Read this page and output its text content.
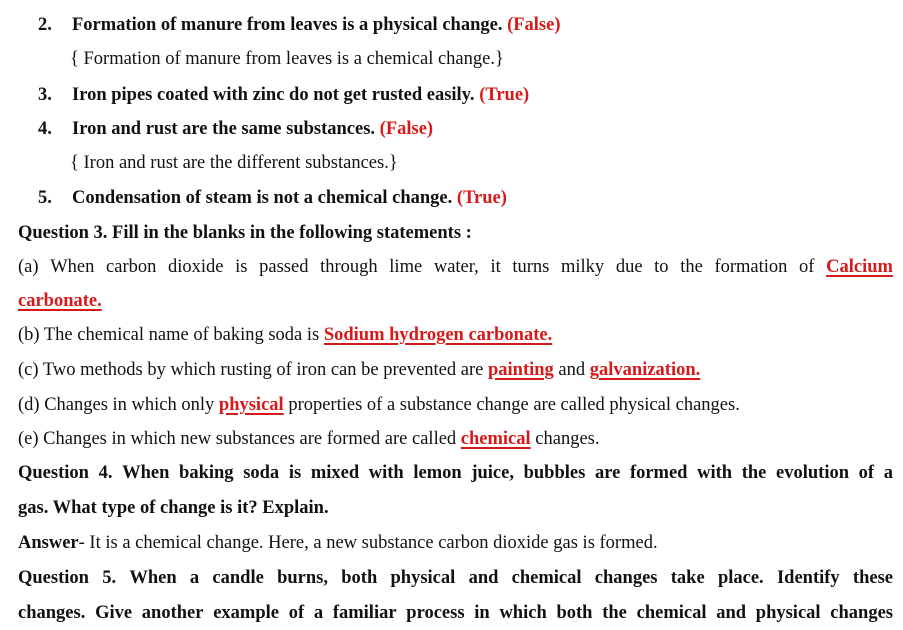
2. Formation of manure from leaves is a physical change. (False)
{ Formation of manure from leaves is a chemical change.}
3. Iron pipes coated with zinc do not get rusted easily. (True)
4. Iron and rust are the same substances. (False)
{ Iron and rust are the different substances.}
5. Condensation of steam is not a chemical change. (True)
Question 3. Fill in the blanks in the following statements :
(a) When carbon dioxide is passed through lime water, it turns milky due to the formation of Calcium
carbonate.
(b) The chemical name of baking soda is Sodium hydrogen carbonate.
(c) Two methods by which rusting of iron can be prevented are painting and galvanization.
(d) Changes in which only physical properties of a substance change are called physical changes.
(e) Changes in which new substances are formed are called chemical changes.
Question 4. When baking soda is mixed with lemon juice, bubbles are formed with the evolution of a
gas. What type of change is it? Explain.
Answer- It is a chemical change. Here, a new substance carbon dioxide gas is formed.
Question 5. When a candle burns, both physical and chemical changes take place. Identify these
changes. Give another example of a familiar process in which both the chemical and physical changes
